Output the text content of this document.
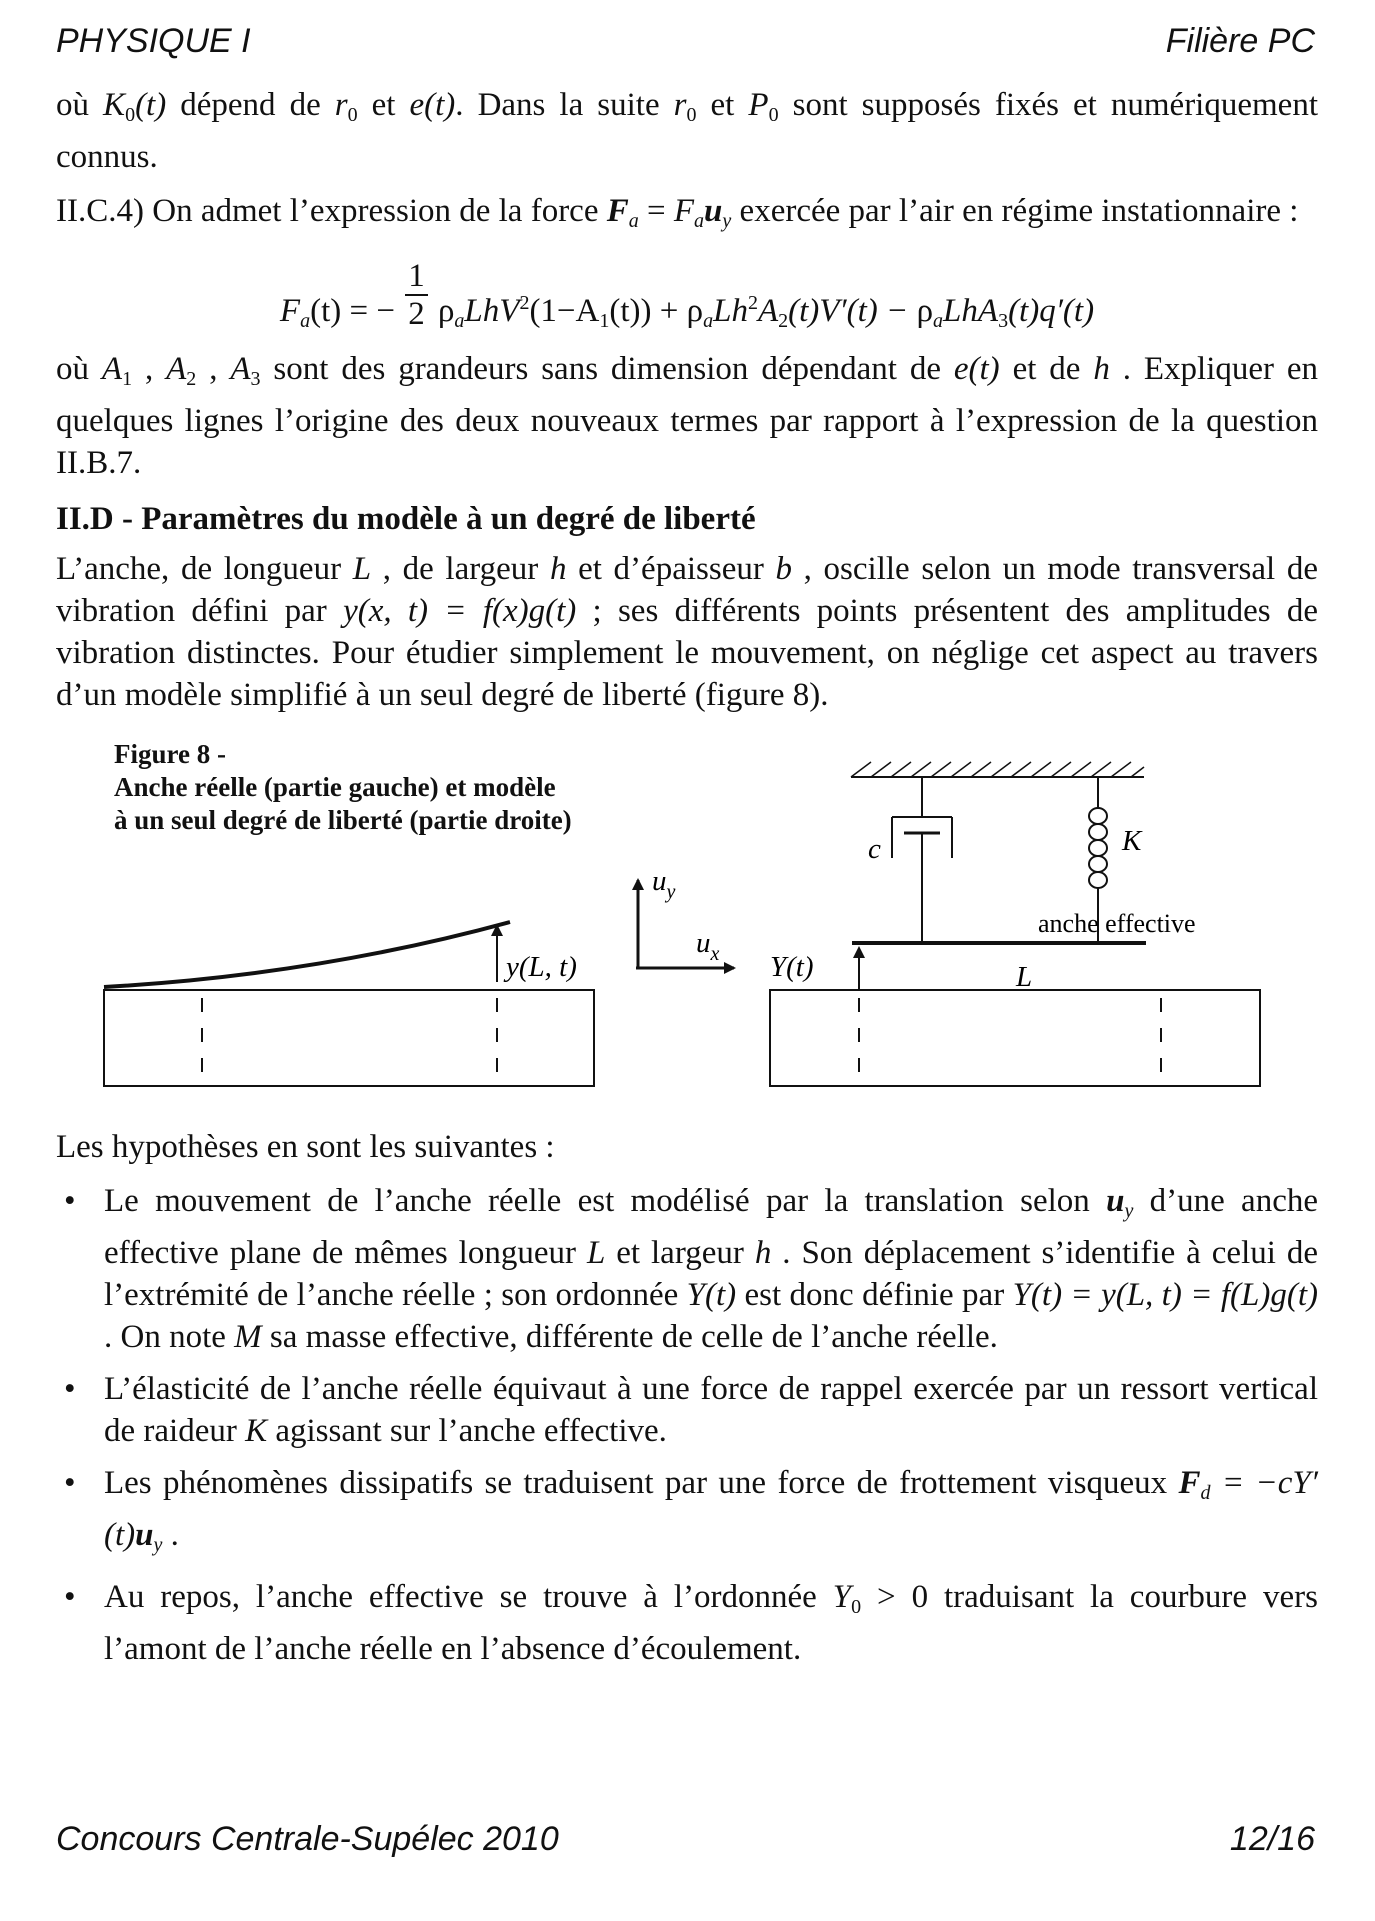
PHYSIQUE I	Filière PC

où $K_0(t)$ dépend de $r_0$ et e(t). Dans la suite $r_0$ et $P_0$ sont supposés fixés et numériquement connus.

II.C.4) On admet l’expression de la force $F_a = F_au_y$ exercée par l’air en régime instationnaire :

$F_a(t)$ = − $\frac{1}{2} \rho_aLhV^2(1-A_1(t)) + \rho_aLh^2A_2(t)V'(t) - \rho_aLhA_3(t)q'(t)$

où $A_1$ , $A_2$ , $A_3$ sont des grandeurs sans dimension dépendant de e(t) et de h . Expliquer en quelques lignes l’origine des deux nouveaux termes par rapport à l’expression de la question II.B.7.

II.D - Paramètres du modèle à un degré de liberté

L’anche, de longueur L , de largeur h et d’épaisseur b , oscille selon un mode transversal de vibration défini par y(x, t) = f(x)g(t) ; ses différents points présentent des amplitudes de vibration distinctes. Pour étudier simplement le mouvement, on néglige cet aspect au travers d’un modèle simplifié à un seul degré de liberté (figure 8).

Figure 8 -
Anche réelle (partie gauche) et modèle
à un seul degré de liberté (partie droite)
y(L, t)
$u_y$
$u_x$
c	K
anche effective
L
Y(t)

Les hypothèses en sont les suivantes :

• Le mouvement de l’anche réelle est modélisé par la translation selon $u_y$ d’une anche effective plane de mêmes longueur L et largeur h . Son déplacement s’identifie à celui de l’extrémité de l’anche réelle ; son ordonnée Y(t) est donc définie par Y(t) = y(L, t) = f(L)g(t) . On note M sa masse effective, différente de celle de l’anche réelle.
• L’élasticité de l’anche réelle équivaut à une force de rappel exercée par un ressort vertical de raideur K agissant sur l’anche effective.
• Les phénomènes dissipatifs se traduisent par une force de frottement visqueux $F_d = -cY'(t)u_y$ .
• Au repos, l’anche effective se trouve à l’ordonnée $Y_0 > 0$ traduisant la courbure vers l’amont de l’anche réelle en l’absence d’écoulement.
Concours Centrale-Supélec 2010	12/16
